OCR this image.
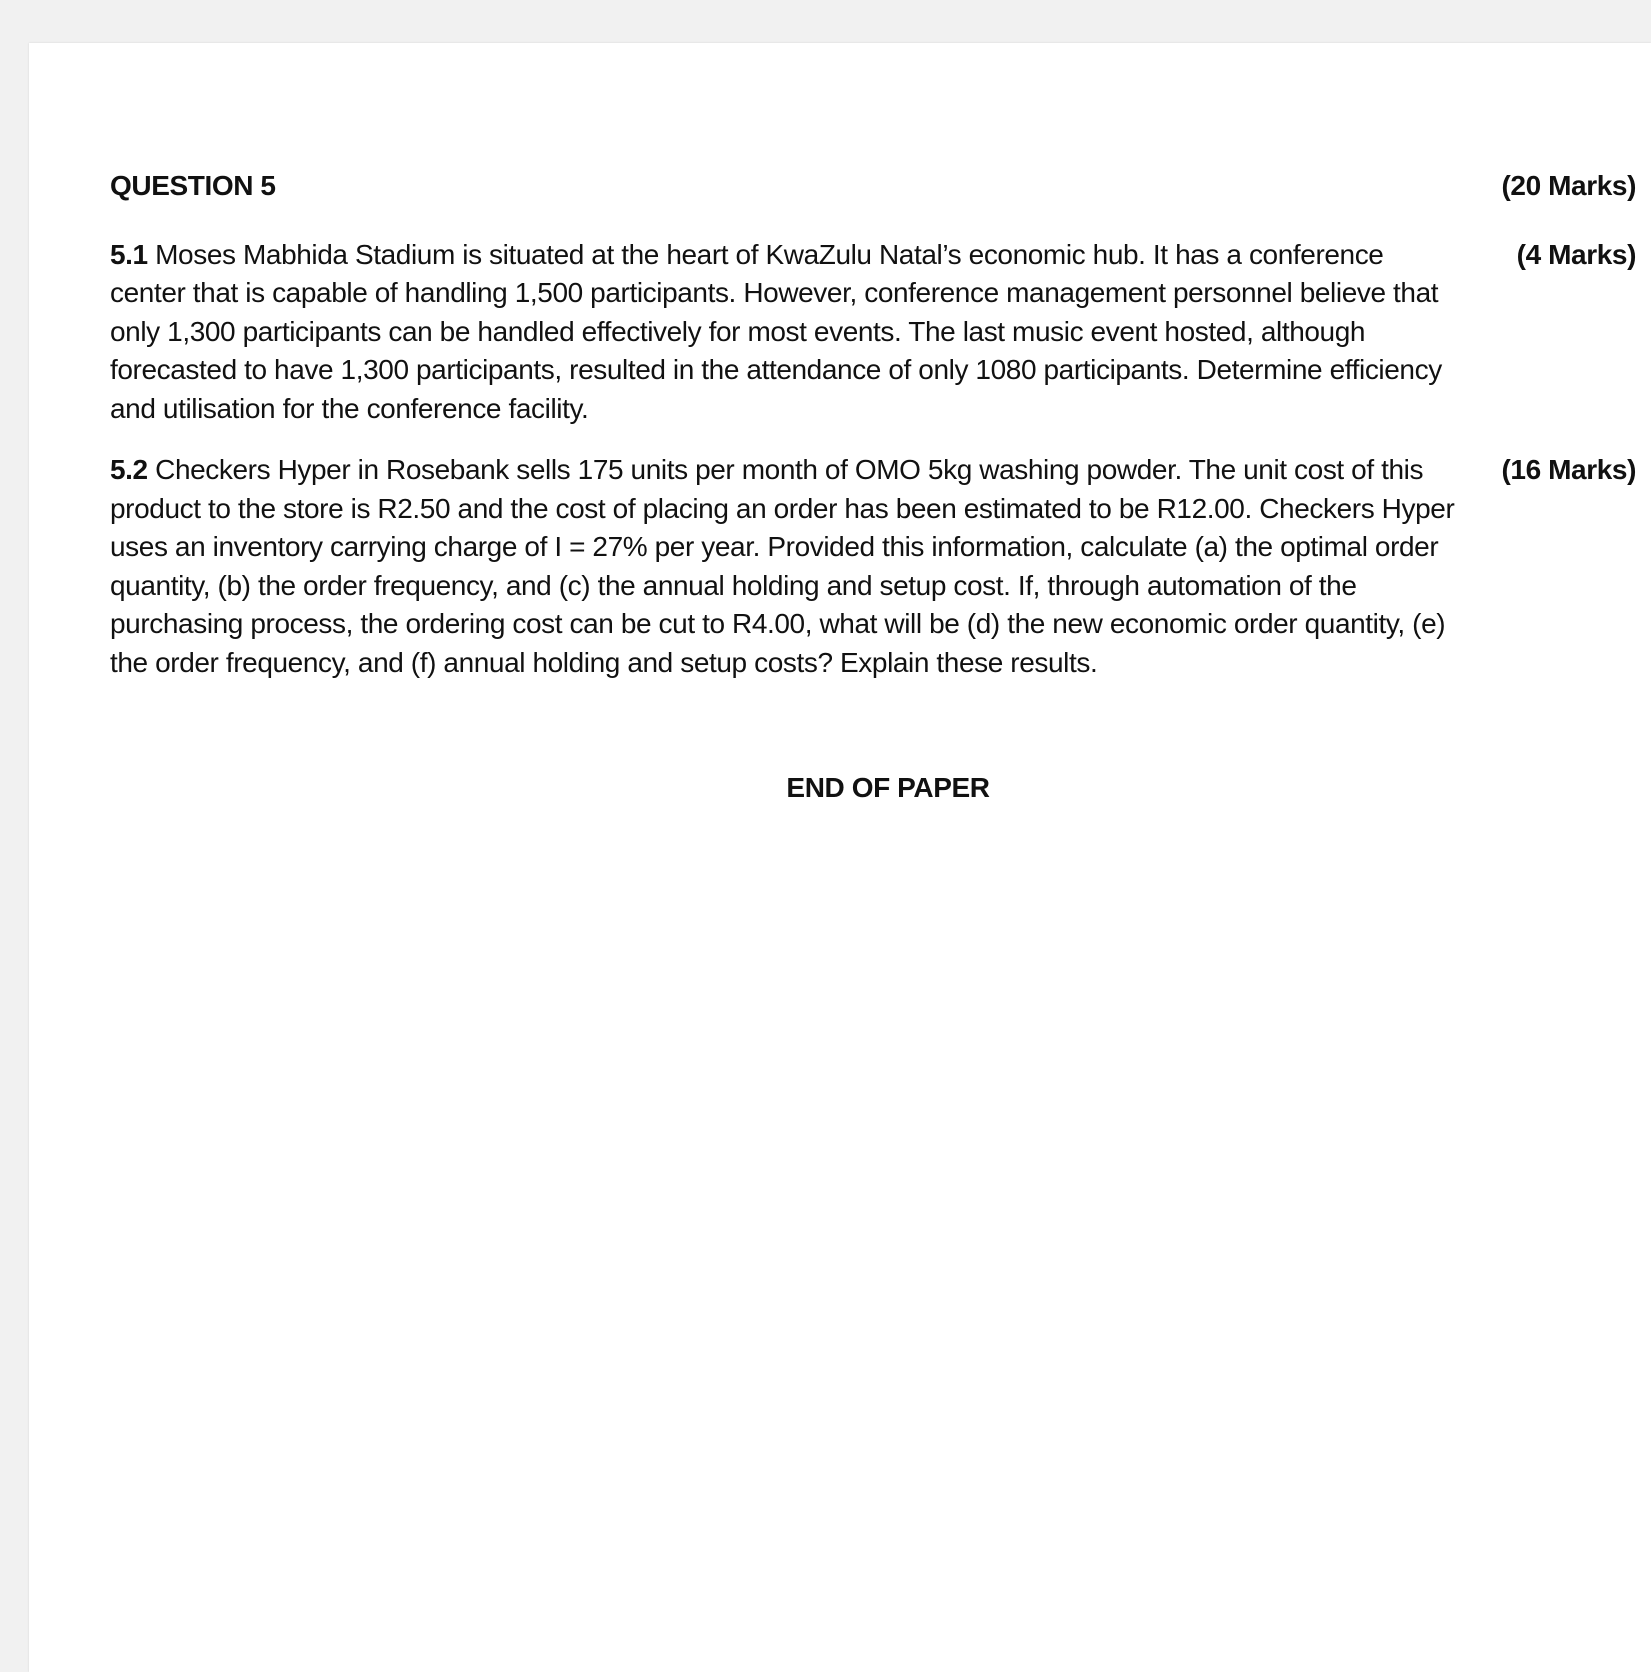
QUESTION 5	(20 Marks)

5.1 Moses Mabhida Stadium is situated at the heart of KwaZulu Natal’s economic hub. It has a conference center that is capable of handling 1,500 participants. However, conference management personnel believe that only 1,300 participants can be handled effectively for most events. The last music event hosted, although forecasted to have 1,300 participants, resulted in the attendance of only 1080 participants. Determine efficiency and utilisation for the conference facility.

(4 Marks)

5.2 Checkers Hyper in Rosebank sells 175 units per month of OMO 5kg washing powder. The unit cost of this product to the store is R2.50 and the cost of placing an order has been estimated to be R12.00. Checkers Hyper uses an inventory carrying charge of I = 27% per year. Provided this information, calculate (a) the optimal order quantity, (b) the order frequency, and (c) the annual holding and setup cost. If, through automation of the purchasing process, the ordering cost can be cut to R4.00, what will be (d) the new economic order quantity, (e) the order frequency, and (f) annual holding and setup costs? Explain these results.

(16 Marks)
END OF PAPER
